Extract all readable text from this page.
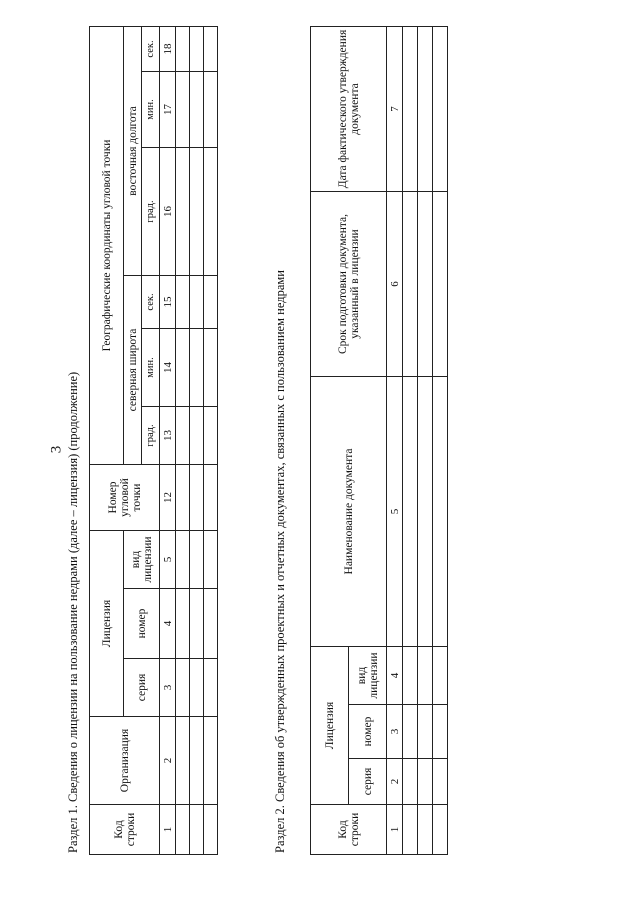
3 Раздел 1. Сведения о лицензии на пользование недрами (далее – лицензия) (продолжение)	Код строки	Организация	Лицензия			Номер угловой точки	Географические координаты угловой точки					
		серия	номер	вид лицензии		северная широта			восточная долгота		
						град.	мин.	сек.	град.	мин.	сек.
1	2	3	4	5	12	13	14	15	16	17	18

Раздел 2. Сведения об утвержденных проектных и отчетных документах, связанных с пользованием недрами	Код строки	Лицензия			Наименование документа	Срок подготовки документа, указанный в лицензии	Дата фактического утверждения документа
	серия	номер	вид лицензии			
1	2	3	4	5	6	7
